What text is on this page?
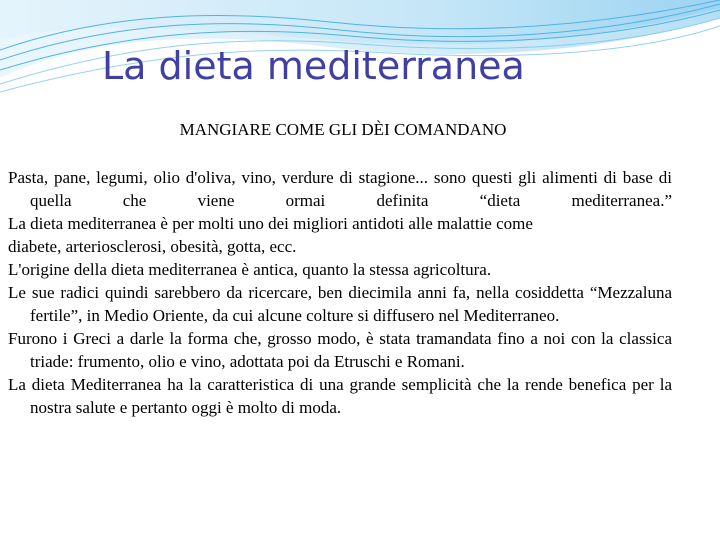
La dieta mediterranea

MANGIARE COME GLI DÈI COMANDANO

Pasta, pane, legumi, olio d'oliva, vino, verdure di stagione... sono questi gli alimenti di base di quella che viene ormai definita “dieta mediterranea.”

La dieta mediterranea è per molti uno dei migliori antidoti alle malattie come

diabete, arteriosclerosi, obesità, gotta, ecc.

L'origine della dieta mediterranea è antica, quanto la stessa agricoltura.

Le sue radici quindi sarebbero da ricercare, ben diecimila anni fa, nella cosiddetta “Mezzaluna fertile”, in Medio Oriente, da cui alcune colture si diffusero nel Mediterraneo.

Furono i Greci a darle la forma che, grosso modo, è stata tramandata fino a noi con la classica triade: frumento, olio e vino, adottata poi da Etruschi e Romani.

La dieta Mediterranea ha la caratteristica di una grande semplicità che la rende benefica per la nostra salute e pertanto oggi è molto di moda.
